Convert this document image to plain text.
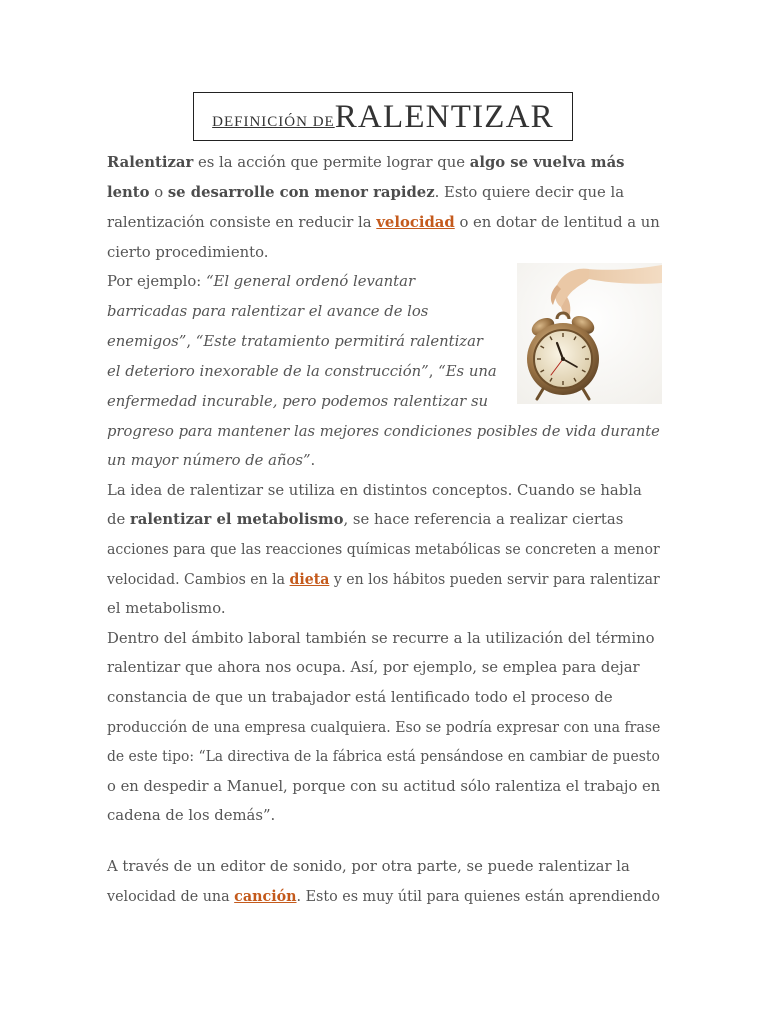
DEFINICIÓN DE RALENTIZAR
Ralentizar es la acción que permite lograr que algo se vuelva más
lento o se desarrolle con menor rapidez. Esto quiere decir que la
ralentización consiste en reducir la velocidad o en dotar de lentitud a un
cierto procedimiento.
Por ejemplo: “El general ordenó levantar
barricadas para ralentizar el avance de los
enemigos”, “Este tratamiento permitirá ralentizar
el deterioro inexorable de la construcción”, “Es una
enfermedad incurable, pero podemos ralentizar su
progreso para mantener las mejores condiciones posibles de vida durante
un mayor número de años”.
La idea de ralentizar se utiliza en distintos conceptos. Cuando se habla
de ralentizar el metabolismo, se hace referencia a realizar ciertas
acciones para que las reacciones químicas metabólicas se concreten a menor
velocidad. Cambios en la dieta y en los hábitos pueden servir para ralentizar
el metabolismo.
Dentro del ámbito laboral también se recurre a la utilización del término
ralentizar que ahora nos ocupa. Así, por ejemplo, se emplea para dejar
constancia de que un trabajador está lentificado todo el proceso de
producción de una empresa cualquiera. Eso se podría expresar con una frase
de este tipo: “La directiva de la fábrica está pensándose en cambiar de puesto
o en despedir a Manuel, porque con su actitud sólo ralentiza el trabajo en
cadena de los demás”.
A través de un editor de sonido, por otra parte, se puede ralentizar la
velocidad de una canción. Esto es muy útil para quienes están aprendiendo
